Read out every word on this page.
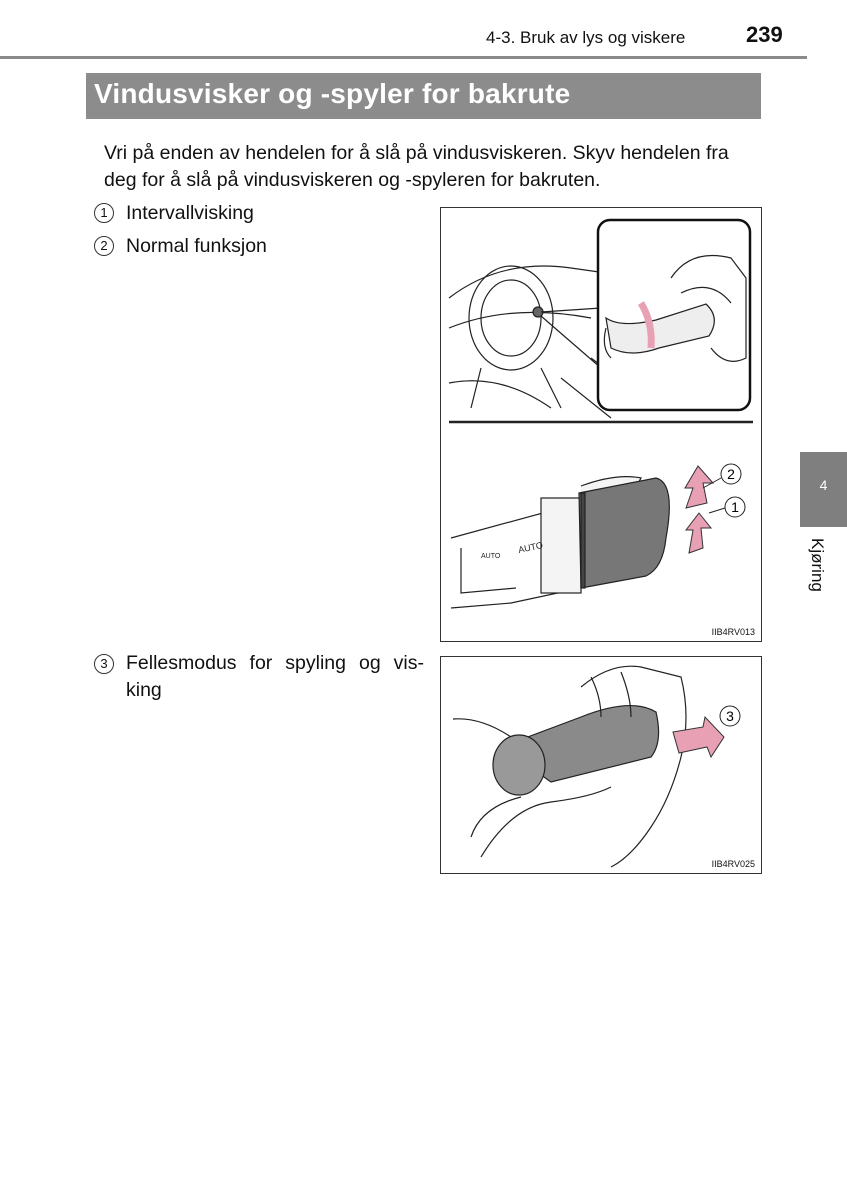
4-3. Bruk av lys og viskere	239
Vindusvisker og -spyler for bakrute
Vri på enden av hendelen for å slå på vindusviskeren. Skyv hendelen fra deg for å slå på vindusviskeren og -spyleren for bakruten.
1 Intervallvisking
2 Normal funksjon
AUTO
AUTO
2
1
IIB4RV013
3 Fellesmodus for spyling og vis-king
3
IIB4RV025
4
Kjøring
